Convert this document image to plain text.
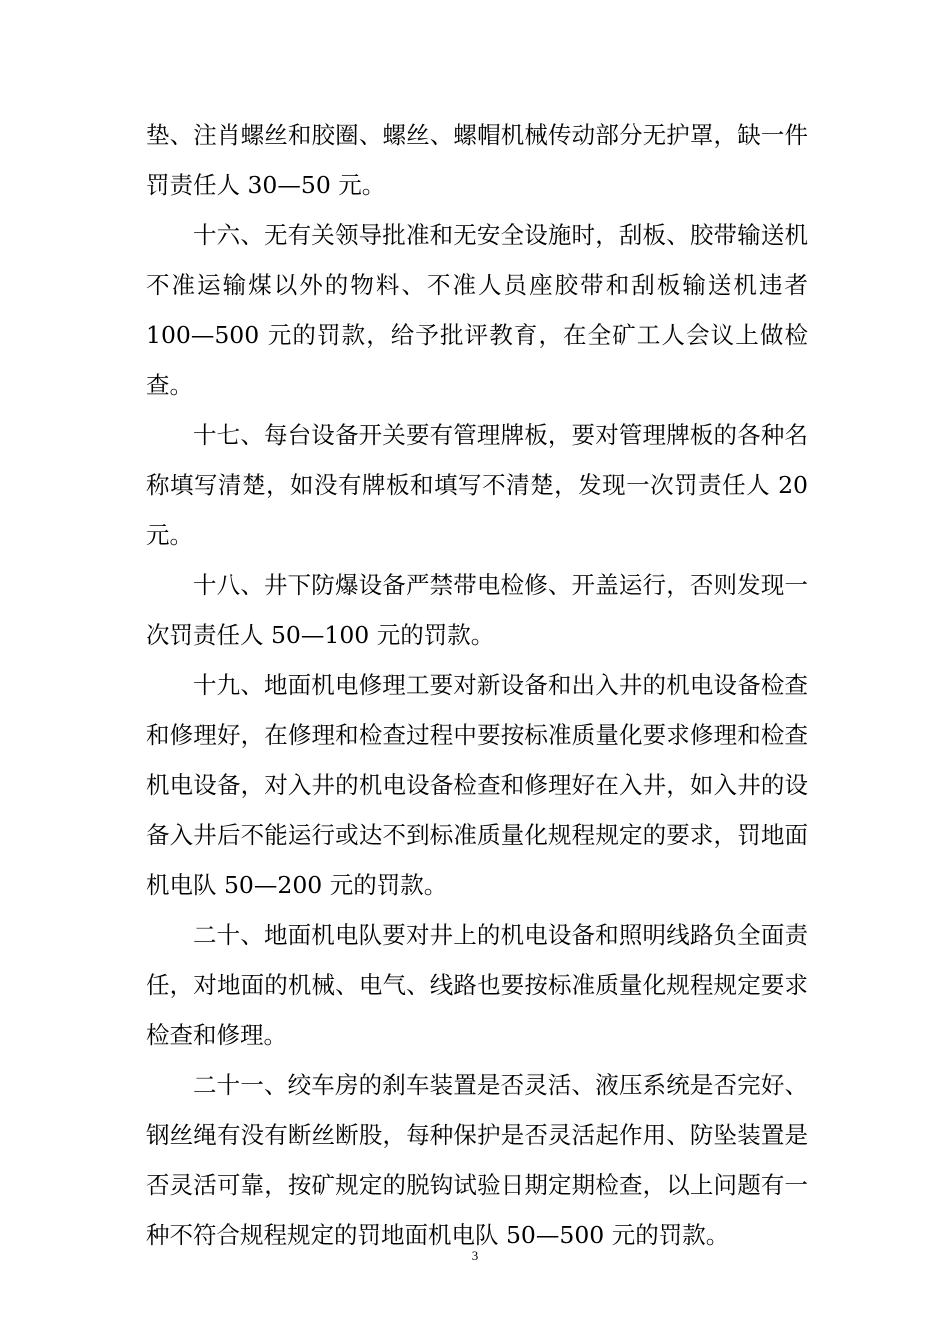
垫、注肖螺丝和胶圈、螺丝、螺帽机械传动部分无护罩，缺一件罚责任人 30—50 元。

十六、无有关领导批准和无安全设施时，刮板、胶带输送机不准运输煤以外的物料、不准人员座胶带和刮板输送机违者 100—500 元的罚款，给予批评教育，在全矿工人会议上做检查。

十七、每台设备开关要有管理牌板，要对管理牌板的各种名称填写清楚，如没有牌板和填写不清楚，发现一次罚责任人 20 元。

十八、井下防爆设备严禁带电检修、开盖运行，否则发现一次罚责任人 50—100 元的罚款。

十九、地面机电修理工要对新设备和出入井的机电设备检查和修理好，在修理和检查过程中要按标准质量化要求修理和检查机电设备，对入井的机电设备检查和修理好在入井，如入井的设备入井后不能运行或达不到标准质量化规程规定的要求，罚地面机电队 50—200 元的罚款。

二十、地面机电队要对井上的机电设备和照明线路负全面责任，对地面的机械、电气、线路也要按标准质量化规程规定要求检查和修理。

二十一、绞车房的刹车装置是否灵活、液压系统是否完好、钢丝绳有没有断丝断股，每种保护是否灵活起作用、防坠装置是否灵活可靠，按矿规定的脱钩试验日期定期检查，以上问题有一种不符合规程规定的罚地面机电队 50—500 元的罚款。

3
